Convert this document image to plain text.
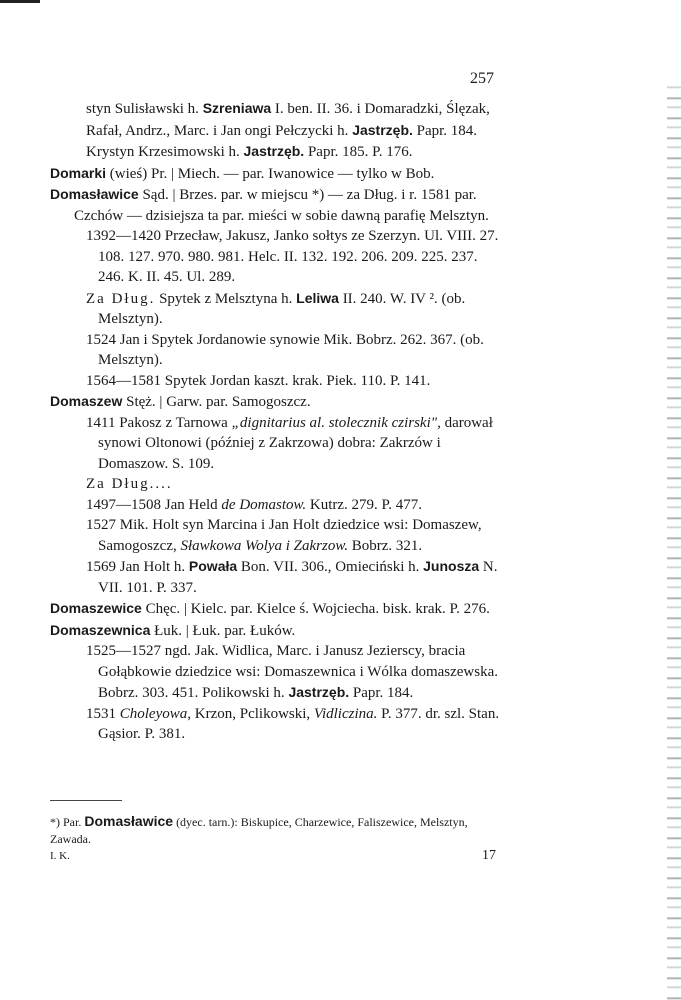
257
styn Sulisławski h. Szreniawa I. ben. II. 36. i Domaradzki, Ślęzak, Rafał, Andrz., Marc. i Jan ongi Pełczycki h. Jastrzęb. Papr. 184. Krystyn Krzesimowski h. Jastrzęb. Papr. 185. P. 176.
Domarki (wieś) Pr. | Miech. — par. Iwanowice — tylko w Bob.
Domasławice Sąd. | Brzes. par. w miejscu *) — za Dług. i r. 1581 par. Czchów — dzisiejsza ta par. mieści w sobie dawną parafię Melsztyn.
1392—1420 Przecław, Jakusz, Janko sołtys ze Szerzyn. Ul. VIII. 27. 108. 127. 970. 980. 981. Helc. II. 132. 192. 206. 209. 225. 237. 246. K. II. 45. Ul. 289.
Za Dług. Spytek z Melsztyna h. Leliwa II. 240. W. IV ². (ob. Melsztyn).
1524 Jan i Spytek Jordanowie synowie Mik. Bobrz. 262. 367. (ob. Melsztyn).
1564—1581 Spytek Jordan kaszt. krak. Piek. 110. P. 141.
Domaszew Stęż. | Garw. par. Samogoszcz.
1411 Pakosz z Tarnowa „dignitarius al. stolecznik czirski", darował synowi Oltonowi (później z Zakrzowa) dobra: Zakrzów i Domaszow. S. 109.
Za Dług....
1497—1508 Jan Held de Domastow. Kutrz. 279. P. 477.
1527 Mik. Holt syn Marcina i Jan Holt dziedzice wsi: Domaszew, Samogoszcz, Sławkowa Wolya i Zakrzow. Bobrz. 321.
1569 Jan Holt h. Powała Bon. VII. 306., Omieciński h. Junosza N. VII. 101. P. 337.
Domaszewice Chęc. | Kielc. par. Kielce ś. Wojciecha. bisk. krak. P. 276.
Domaszewnica Łuk. | Łuk. par. Łuków.
1525—1527 ngd. Jak. Widlica, Marc. i Janusz Jezierscy, bracia Gołąbkowie dziedzice wsi: Domaszewnica i Wólka domaszewska. Bobrz. 303. 451. Polikowski h. Jastrzęb. Papr. 184.
1531 Choleyowa, Krzon, Pclikowski, Vidliczina. P. 377. dr. szl. Stan. Gąsior. P. 381.
*) Par. Domasławice (dyec. tarn.): Biskupice, Charzewice, Faliszewice, Melsztyn, Zawada.
I. K.	17
